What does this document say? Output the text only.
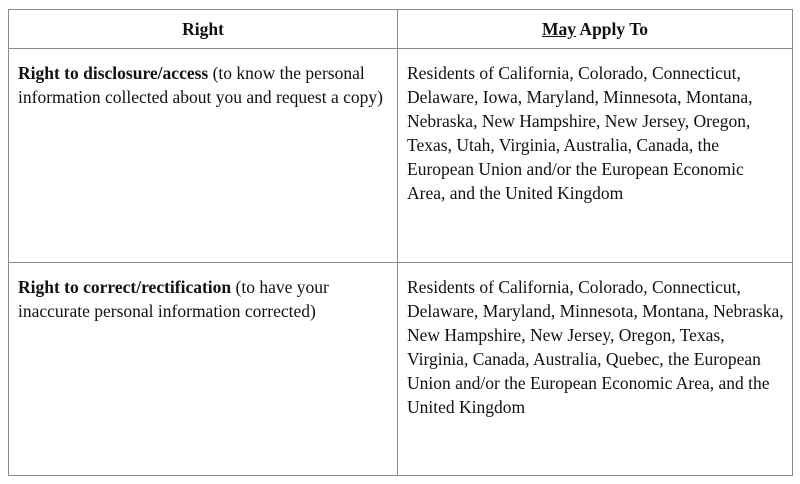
Right	May Apply To
Right to disclosure/access (to know the personal information collected about you and request a copy)	Residents of California, Colorado, Connecticut, Delaware, Iowa, Maryland, Minnesota, Montana, Nebraska, New Hampshire, New Jersey, Oregon, Texas, Utah, Virginia, Australia, Canada, the European Union and/or the European Economic Area, and the United Kingdom
Right to correct/rectification (to have your inaccurate personal information corrected)	Residents of California, Colorado, Connecticut, Delaware, Maryland, Minnesota, Montana, Nebraska, New Hampshire, New Jersey, Oregon, Texas, Virginia, Canada, Australia, Quebec, the European Union and/or the European Economic Area, and the United Kingdom
